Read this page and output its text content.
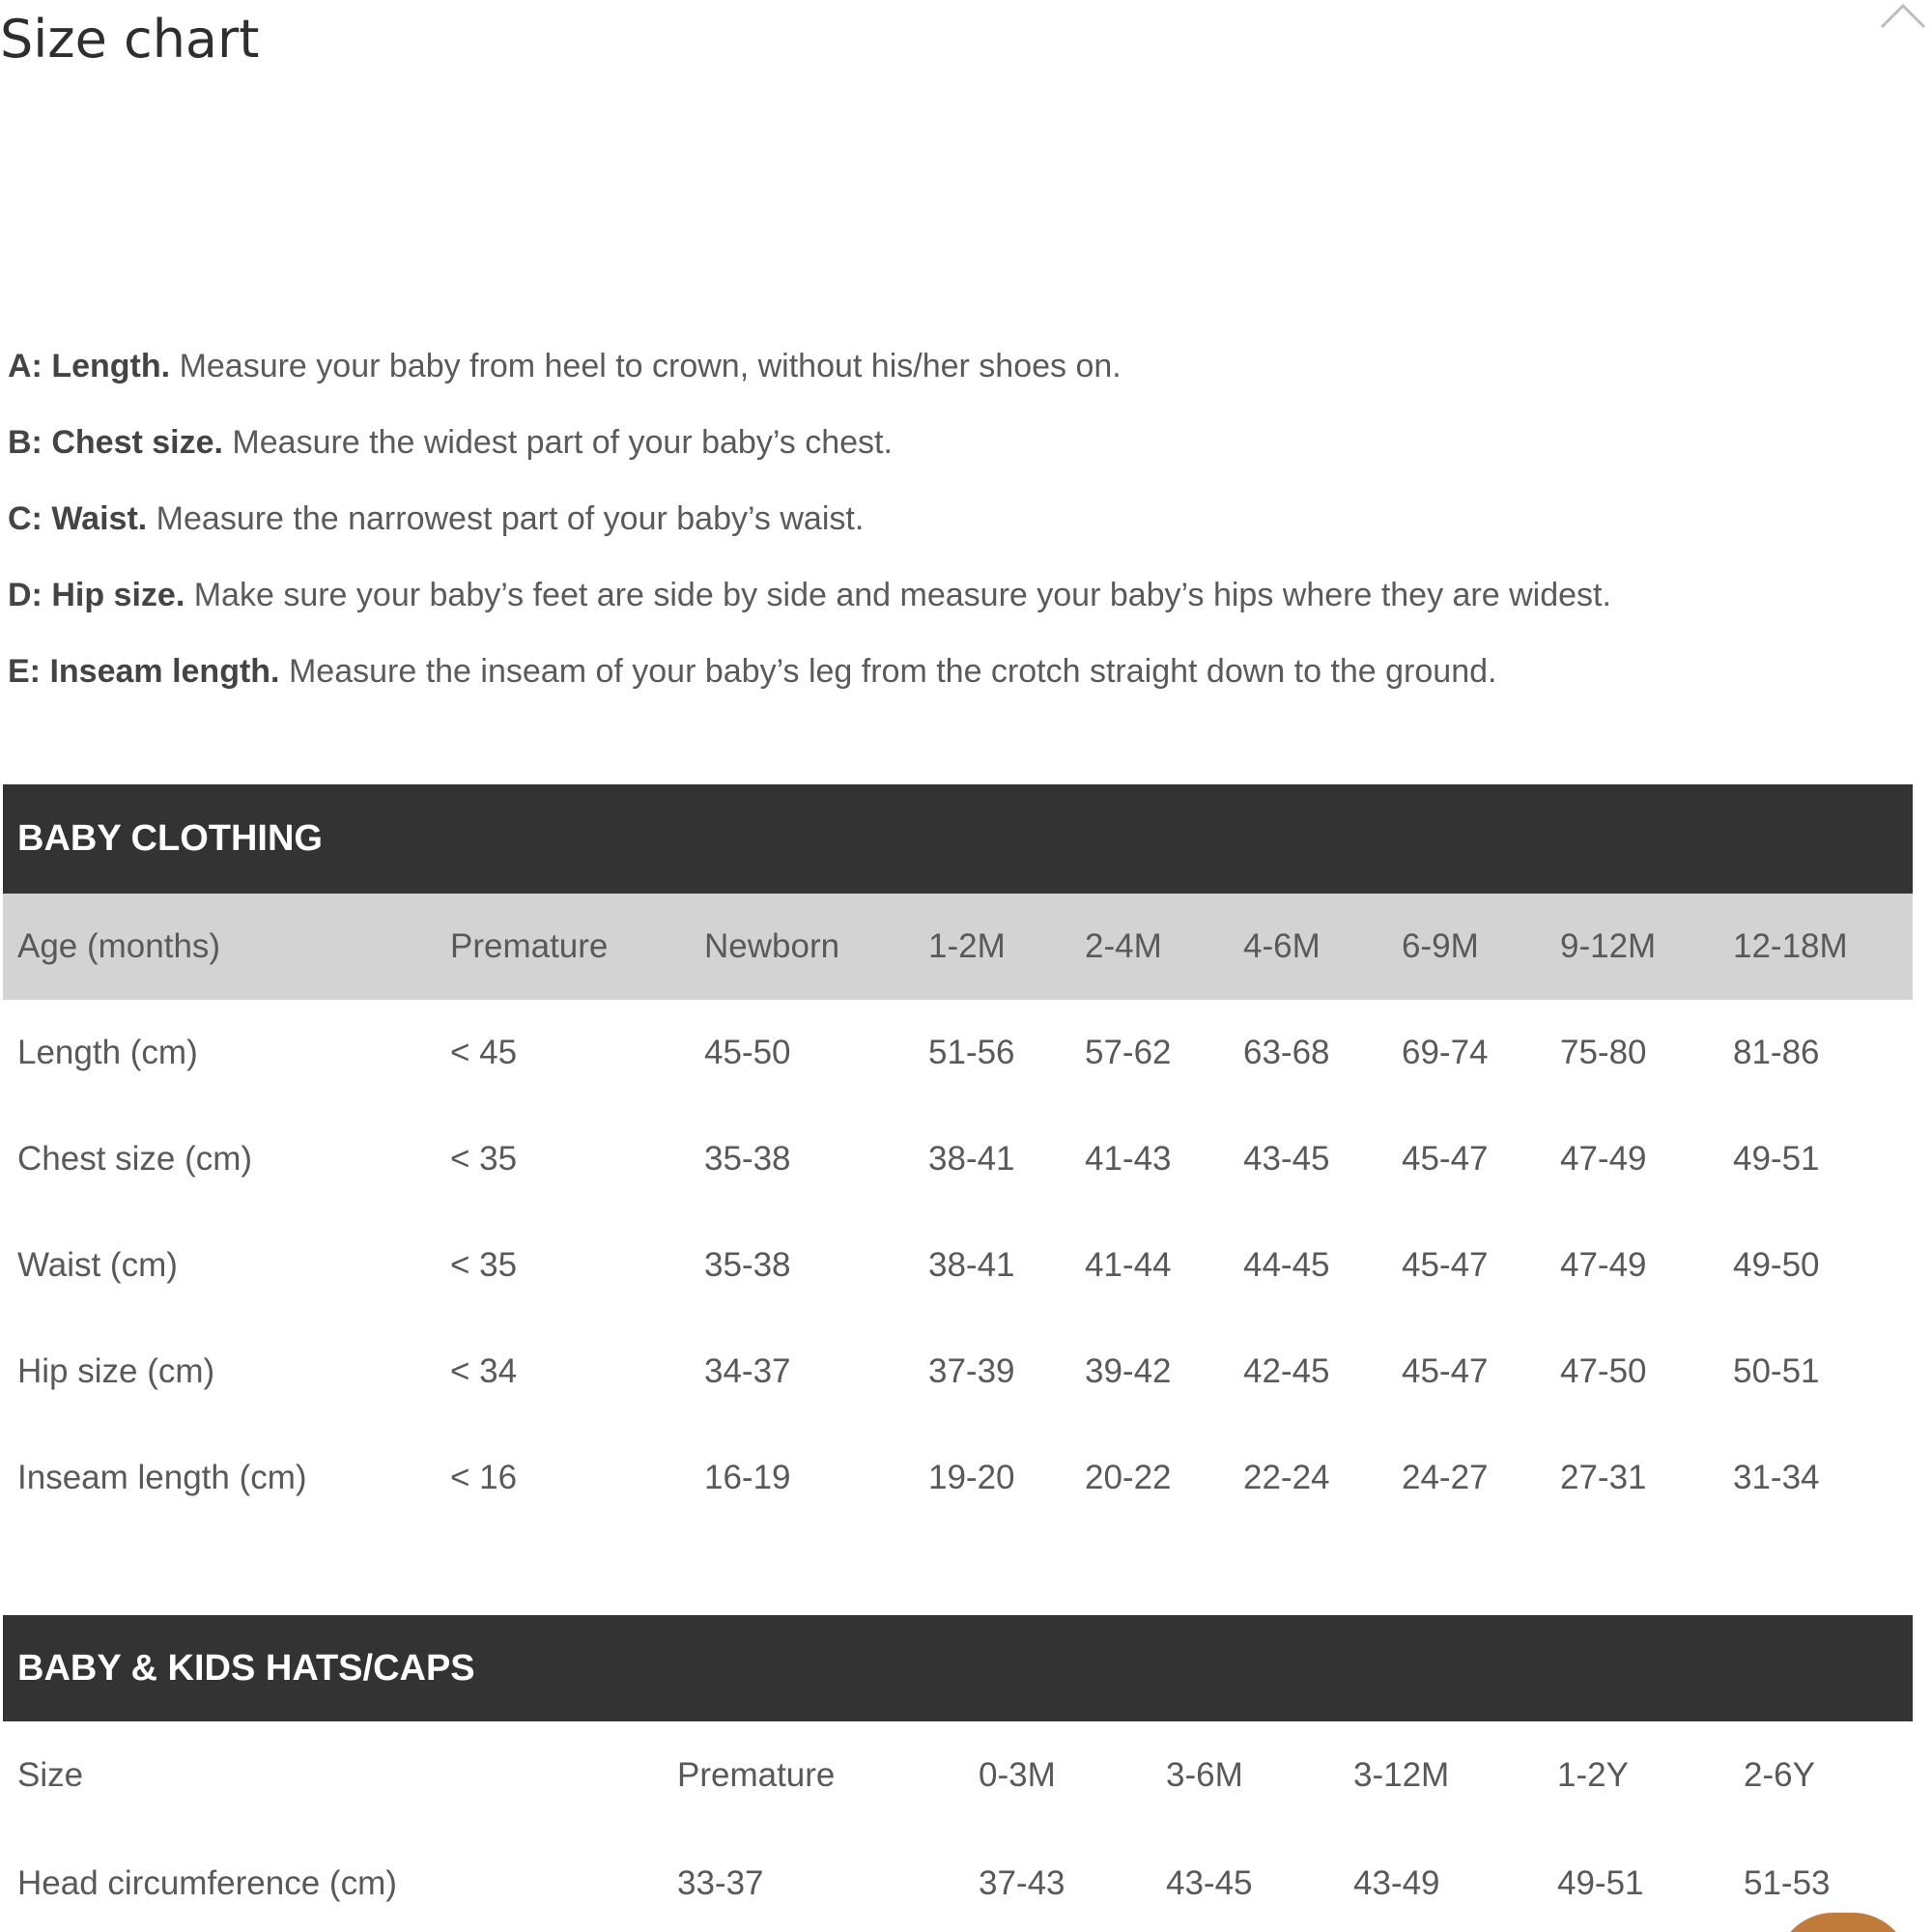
Size chart
A: Length. Measure your baby from heel to crown, without his/her shoes on.
B: Chest size. Measure the widest part of your baby’s chest.
C: Waist. Measure the narrowest part of your baby’s waist.
D: Hip size. Make sure your baby’s feet are side by side and measure your baby’s hips where they are widest.
E: Inseam length. Measure the inseam of your baby’s leg from the crotch straight down to the ground.
BABY CLOTHING								
Age (months)	Premature	Newborn	1-2M	2-4M	4-6M	6-9M	9-12M	12-18M
Length (cm)	< 45	45-50	51-56	57-62	63-68	69-74	75-80	81-86
Chest size (cm)	< 35	35-38	38-41	41-43	43-45	45-47	47-49	49-51
Waist (cm)	< 35	35-38	38-41	41-44	44-45	45-47	47-49	49-50
Hip size (cm)	< 34	34-37	37-39	39-42	42-45	45-47	47-50	50-51
Inseam length (cm)	< 16	16-19	19-20	20-22	22-24	24-27	27-31	31-34
BABY & KIDS HATS/CAPS						
Size	Premature	0-3M	3-6M	3-12M	1-2Y	2-6Y
Head circumference (cm)	33-37	37-43	43-45	43-49	49-51	51-53
